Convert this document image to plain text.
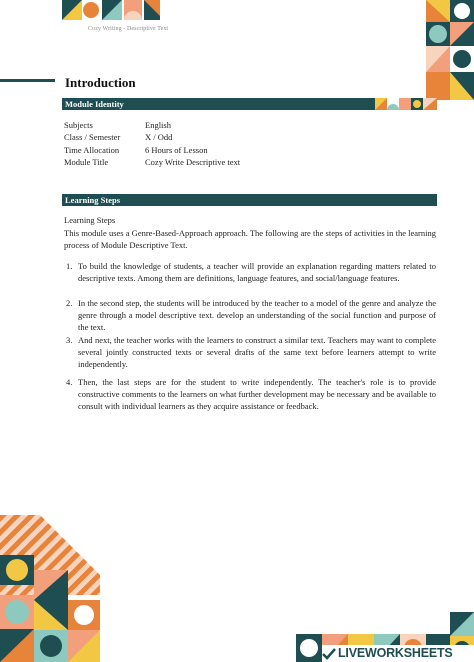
Cozy Writing - Descriptive Text
Introduction
Module Identity
Subjects	English
Class / Semester	X / Odd
Time Allocation	6 Hours of Lesson
Module Title	Cozy Write Descriptive text
Learning Steps
Learning Steps
This module uses a Genre-Based-Approach approach. The following are the steps of activities in the learning process of Module Descriptive Text.
1. To build the knowledge of students, a teacher will provide an explanation regarding matters related to descriptive texts. Among them are definitions, language features, and social/language features.
2. In the second step, the students will be introduced by the teacher to a model of the genre and analyze the genre through a model descriptive text. develop an understanding of the social function and purpose of the text.
3. And next, the teacher works with the learners to construct a similar text. Teachers may want to complete several jointly constructed texts or several drafts of the same text before learners attempt to write independently.
4. Then, the last steps are for the student to write independently. The teacher's role is to provide constructive comments to the learners on what further development may be necessary and be available to consult with individual learners as they acquire assistance or feedback.
LIVEWORKSHEETS
